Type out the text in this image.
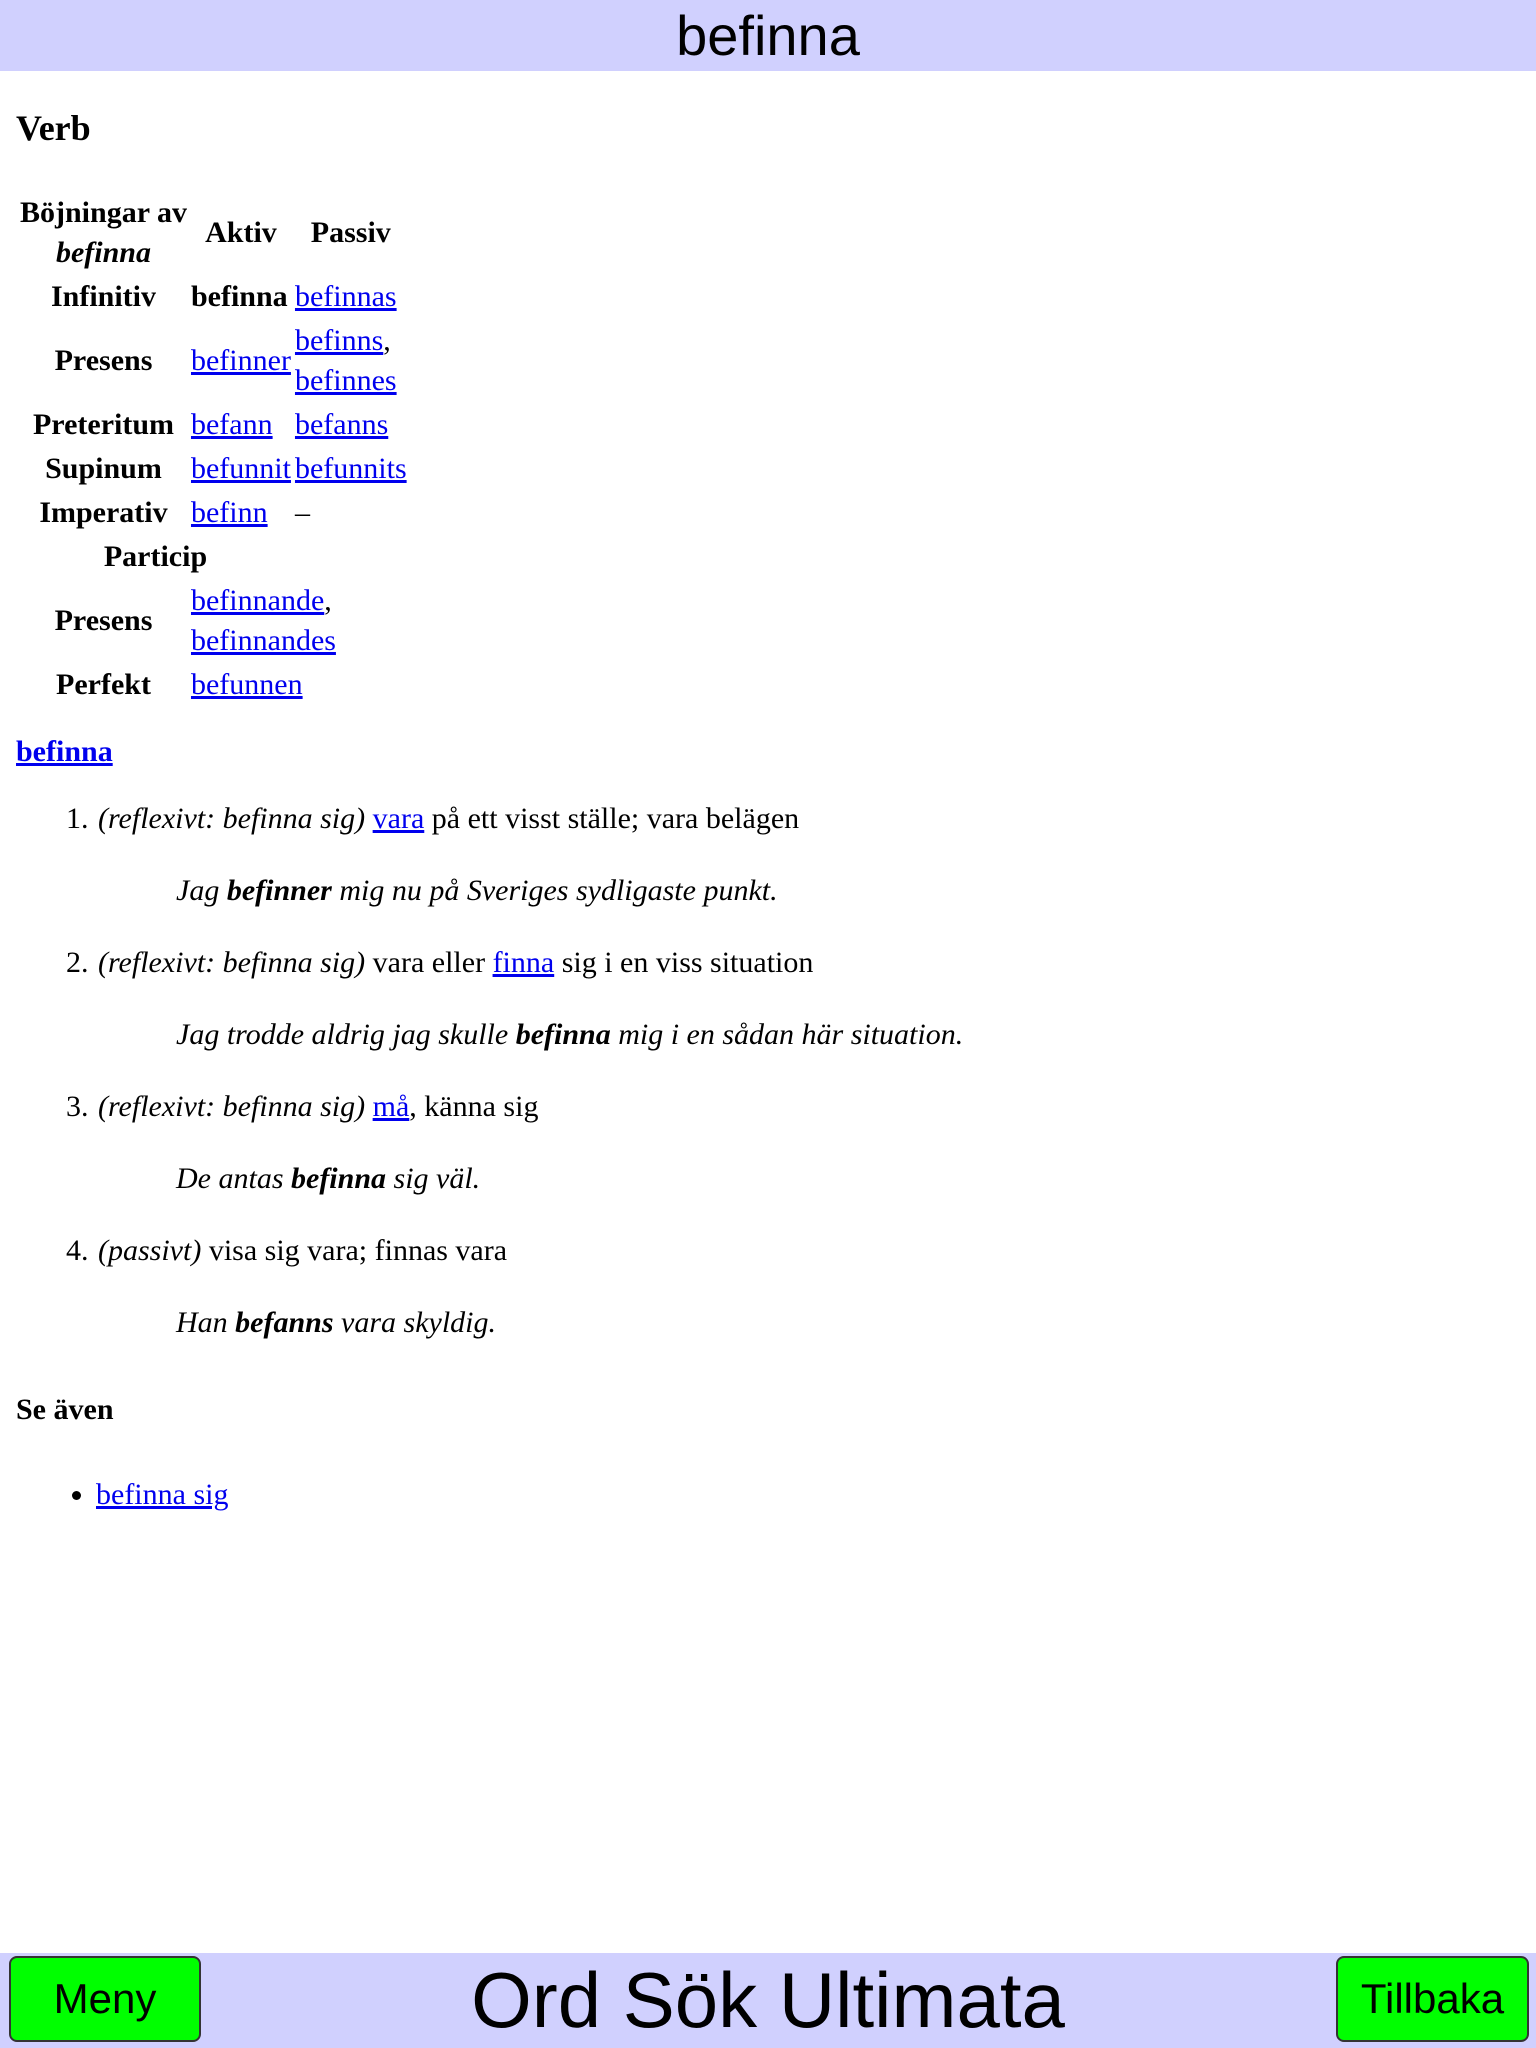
befinna
Verb
Böjningar av
befinna	Aktiv	Passiv
Infinitiv	befinna	befinnas
Presens	befinner	befinns,
befinnes
Preteritum	befann	befanns
Supinum	befunnit	befunnits
Imperativ	befinn	–
Particip		
Presens	befinnande,
befinnandes	
Perfekt	befunnen	
befinna
1. (reflexivt: befinna sig) vara på ett visst ställe; vara belägen
Jag befinner mig nu på Sveriges sydligaste punkt.
2. (reflexivt: befinna sig) vara eller finna sig i en viss situation
Jag trodde aldrig jag skulle befinna mig i en sådan här situation.
3. (reflexivt: befinna sig) må, känna sig
De antas befinna sig väl.
4. (passivt) visa sig vara; finnas vara
Han befanns vara skyldig.
Se även
• befinna sig
Ord Sök Ultimata
Meny	Tillbaka
